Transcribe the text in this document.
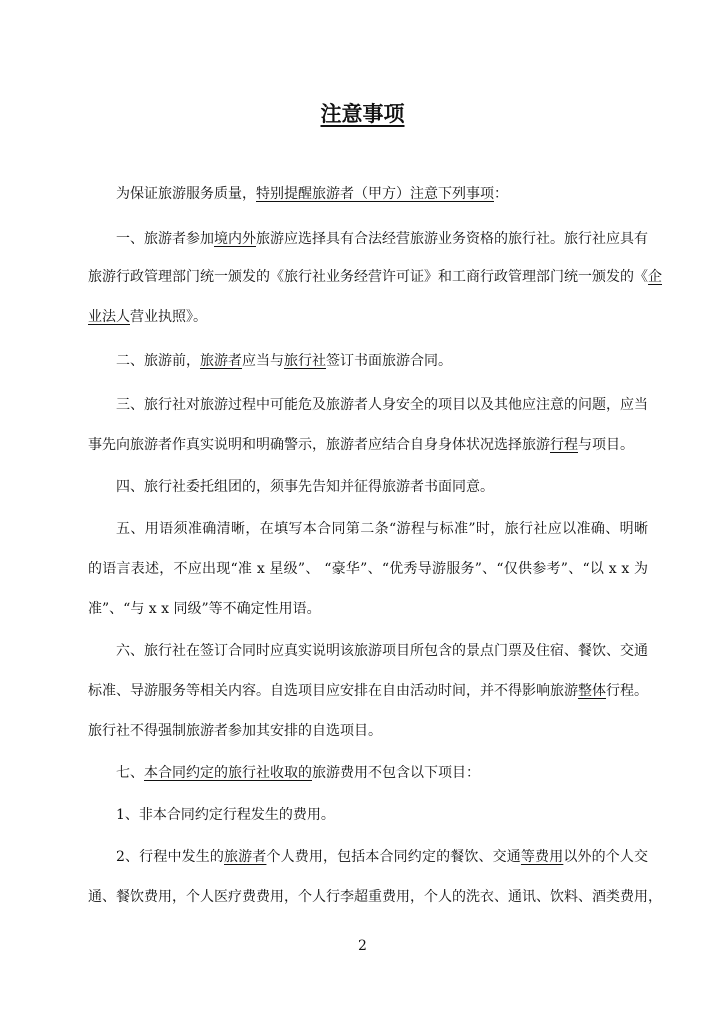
注意事项
为保证旅游服务质量，特别提醒旅游者（甲方）注意下列事项：
一、旅游者参加境内外旅游应选择具有合法经营旅游业务资格的旅行社。旅行社应具有
旅游行政管理部门统一颁发的《旅行社业务经营许可证》和工商行政管理部门统一颁发的《企
业法人营业执照》。
二、旅游前，旅游者应当与旅行社签订书面旅游合同。
三、旅行社对旅游过程中可能危及旅游者人身安全的项目以及其他应注意的问题，应当
事先向旅游者作真实说明和明确警示，旅游者应结合自身身体状况选择旅游行程与项目。
四、旅行社委托组团的，须事先告知并征得旅游者书面同意。
五、用语须准确清晰，在填写本合同第二条“游程与标准”时，旅行社应以准确、明晰
的语言表述，不应出现“准 x 星级”、 “豪华”、“优秀导游服务”、“仅供参考”、“以 x x 为
准”、“与 x x 同级”等不确定性用语。
六、旅行社在签订合同时应真实说明该旅游项目所包含的景点门票及住宿、餐饮、交通
标准、导游服务等相关内容。自选项目应安排在自由活动时间，并不得影响旅游整体行程。
旅行社不得强制旅游者参加其安排的自选项目。
七、本合同约定的旅行社收取的旅游费用不包含以下项目：
1、非本合同约定行程发生的费用。
2、行程中发生的旅游者个人费用，包括本合同约定的餐饮、交通等费用以外的个人交
通、餐饮费用，个人医疗费费用，个人行李超重费用，个人的洗衣、通讯、饮料、酒类费用，
2
